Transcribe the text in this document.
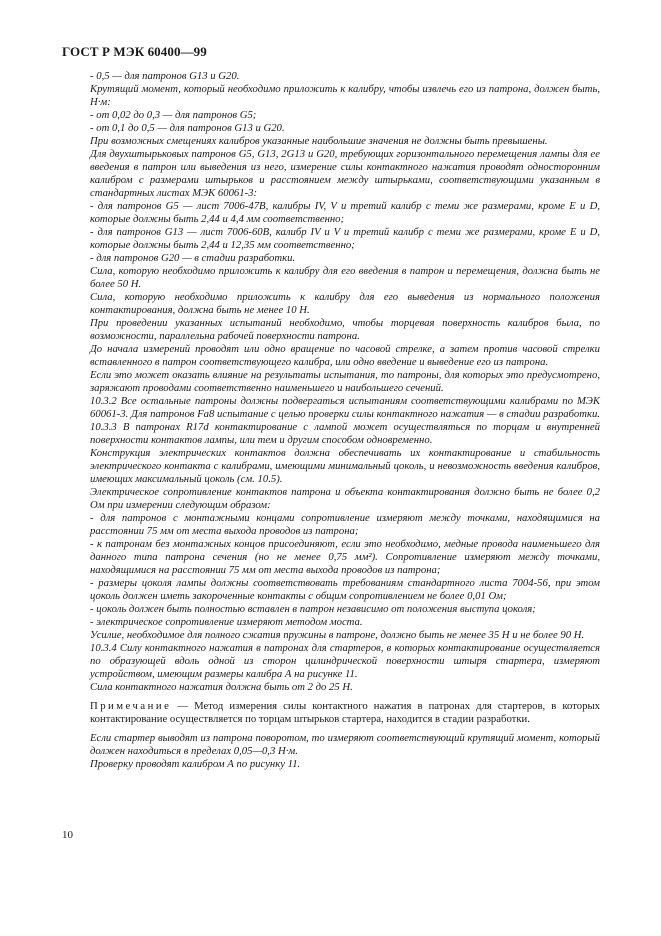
ГОСТ Р МЭК 60400—99

- 0,5 — для патронов G13 и G20.

Крутящий момент, который необходимо приложить к калибру, чтобы извлечь его из патрона, должен быть, Н·м:

- от 0,02 до 0,3 — для патронов G5;

- от 0,1 до 0,5 — для патронов G13 и G20.

При возможных смещениях калибров указанные наибольшие значения не должны быть превышены.

Для двухштырьковых патронов G5, G13, 2G13 и G20, требующих горизонтального перемещения лампы для ее введения в патрон или выведения из него, измерение силы контактного нажатия проводят односторонним калибром с размерами штырьков и расстоянием между штырьками, соответствующими указанным в стандартных листах МЭК 60061-3:

- для патронов G5 — лист 7006-47B, калибры IV, V и третий калибр с теми же размерами, кроме E и D, которые должны быть 2,44 и 4,4 мм соответственно;

- для патронов G13 — лист 7006-60B, калибр IV и V и третий калибр с теми же размерами, кроме E и D, которые должны быть 2,44 и 12,35 мм соответственно;

- для патронов G20 — в стадии разработки.

Сила, которую необходимо приложить к калибру для его введения в патрон и перемещения, должна быть не более 50 Н.

Сила, которую необходимо приложить к калибру для его выведения из нормального положения контактирования, должна быть не менее 10 Н.

При проведении указанных испытаний необходимо, чтобы торцевая поверхность калибров была, по возможности, параллельна рабочей поверхности патрона.

До начала измерений проводят или одно вращение по часовой стрелке, а затем против часовой стрелки вставленного в патрон соответствующего калибра, или одно введение и выведение его из патрона.

Если это может оказать влияние на результаты испытания, то патроны, для которых это предусмотрено, заряжают проводами соответственно наименьшего и наибольшего сечений.

10.3.2 Все остальные патроны должны подвергаться испытаниям соответствующими калибрами по МЭК 60061-3. Для патронов Fa8 испытание с целью проверки силы контактного нажатия — в стадии разработки.

10.3.3 В патронах R17d контактирование с лампой может осуществляться по торцам и внутренней поверхности контактов лампы, или тем и другим способом одновременно.

Конструкция электрических контактов должна обеспечивать их контактирование и стабильность электрического контакта с калибрами, имеющими минимальный цоколь, и невозможность введения калибров, имеющих максимальный цоколь (см. 10.5).

Электрическое сопротивление контактов патрона и объекта контактирования должно быть не более 0,2 Ом при измерении следующим образом:

- для патронов с монтажными концами сопротивление измеряют между точками, находящимися на расстоянии 75 мм от места выхода проводов из патрона;

- к патронам без монтажных концов присоединяют, если это необходимо, медные провода наименьшего для данного типа патрона сечения (но не менее 0,75 мм²). Сопротивление измеряют между точками, находящимися на расстоянии 75 мм от места выхода проводов из патрона;

- размеры цоколя лампы должны соответствовать требованиям стандартного листа 7004-56, при этом цоколь должен иметь закороченные контакты с общим сопротивлением не более 0,01 Ом;

- цоколь должен быть полностью вставлен в патрон независимо от положения выступа цоколя;

- электрическое сопротивление измеряют методом моста.

Усилие, необходимое для полного сжатия пружины в патроне, должно быть не менее 35 Н и не более 90 Н.

10.3.4 Силу контактного нажатия в патронах для стартеров, в которых контактирование осуществляется по образующей вдоль одной из сторон цилиндрической поверхности штыря стартера, измеряют устройством, имеющим размеры калибра А на рисунке 11.

Сила контактного нажатия должна быть от 2 до 25 Н.

Примечание — Метод измерения силы контактного нажатия в патронах для стартеров, в которых контактирование осуществляется по торцам штырьков стартера, находится в стадии разработки.

Если стартер выводят из патрона поворотом, то измеряют соответствующий крутящий момент, который должен находиться в пределах 0,05—0,3 Н·м.

Проверку проводят калибром А по рисунку 11.

10
